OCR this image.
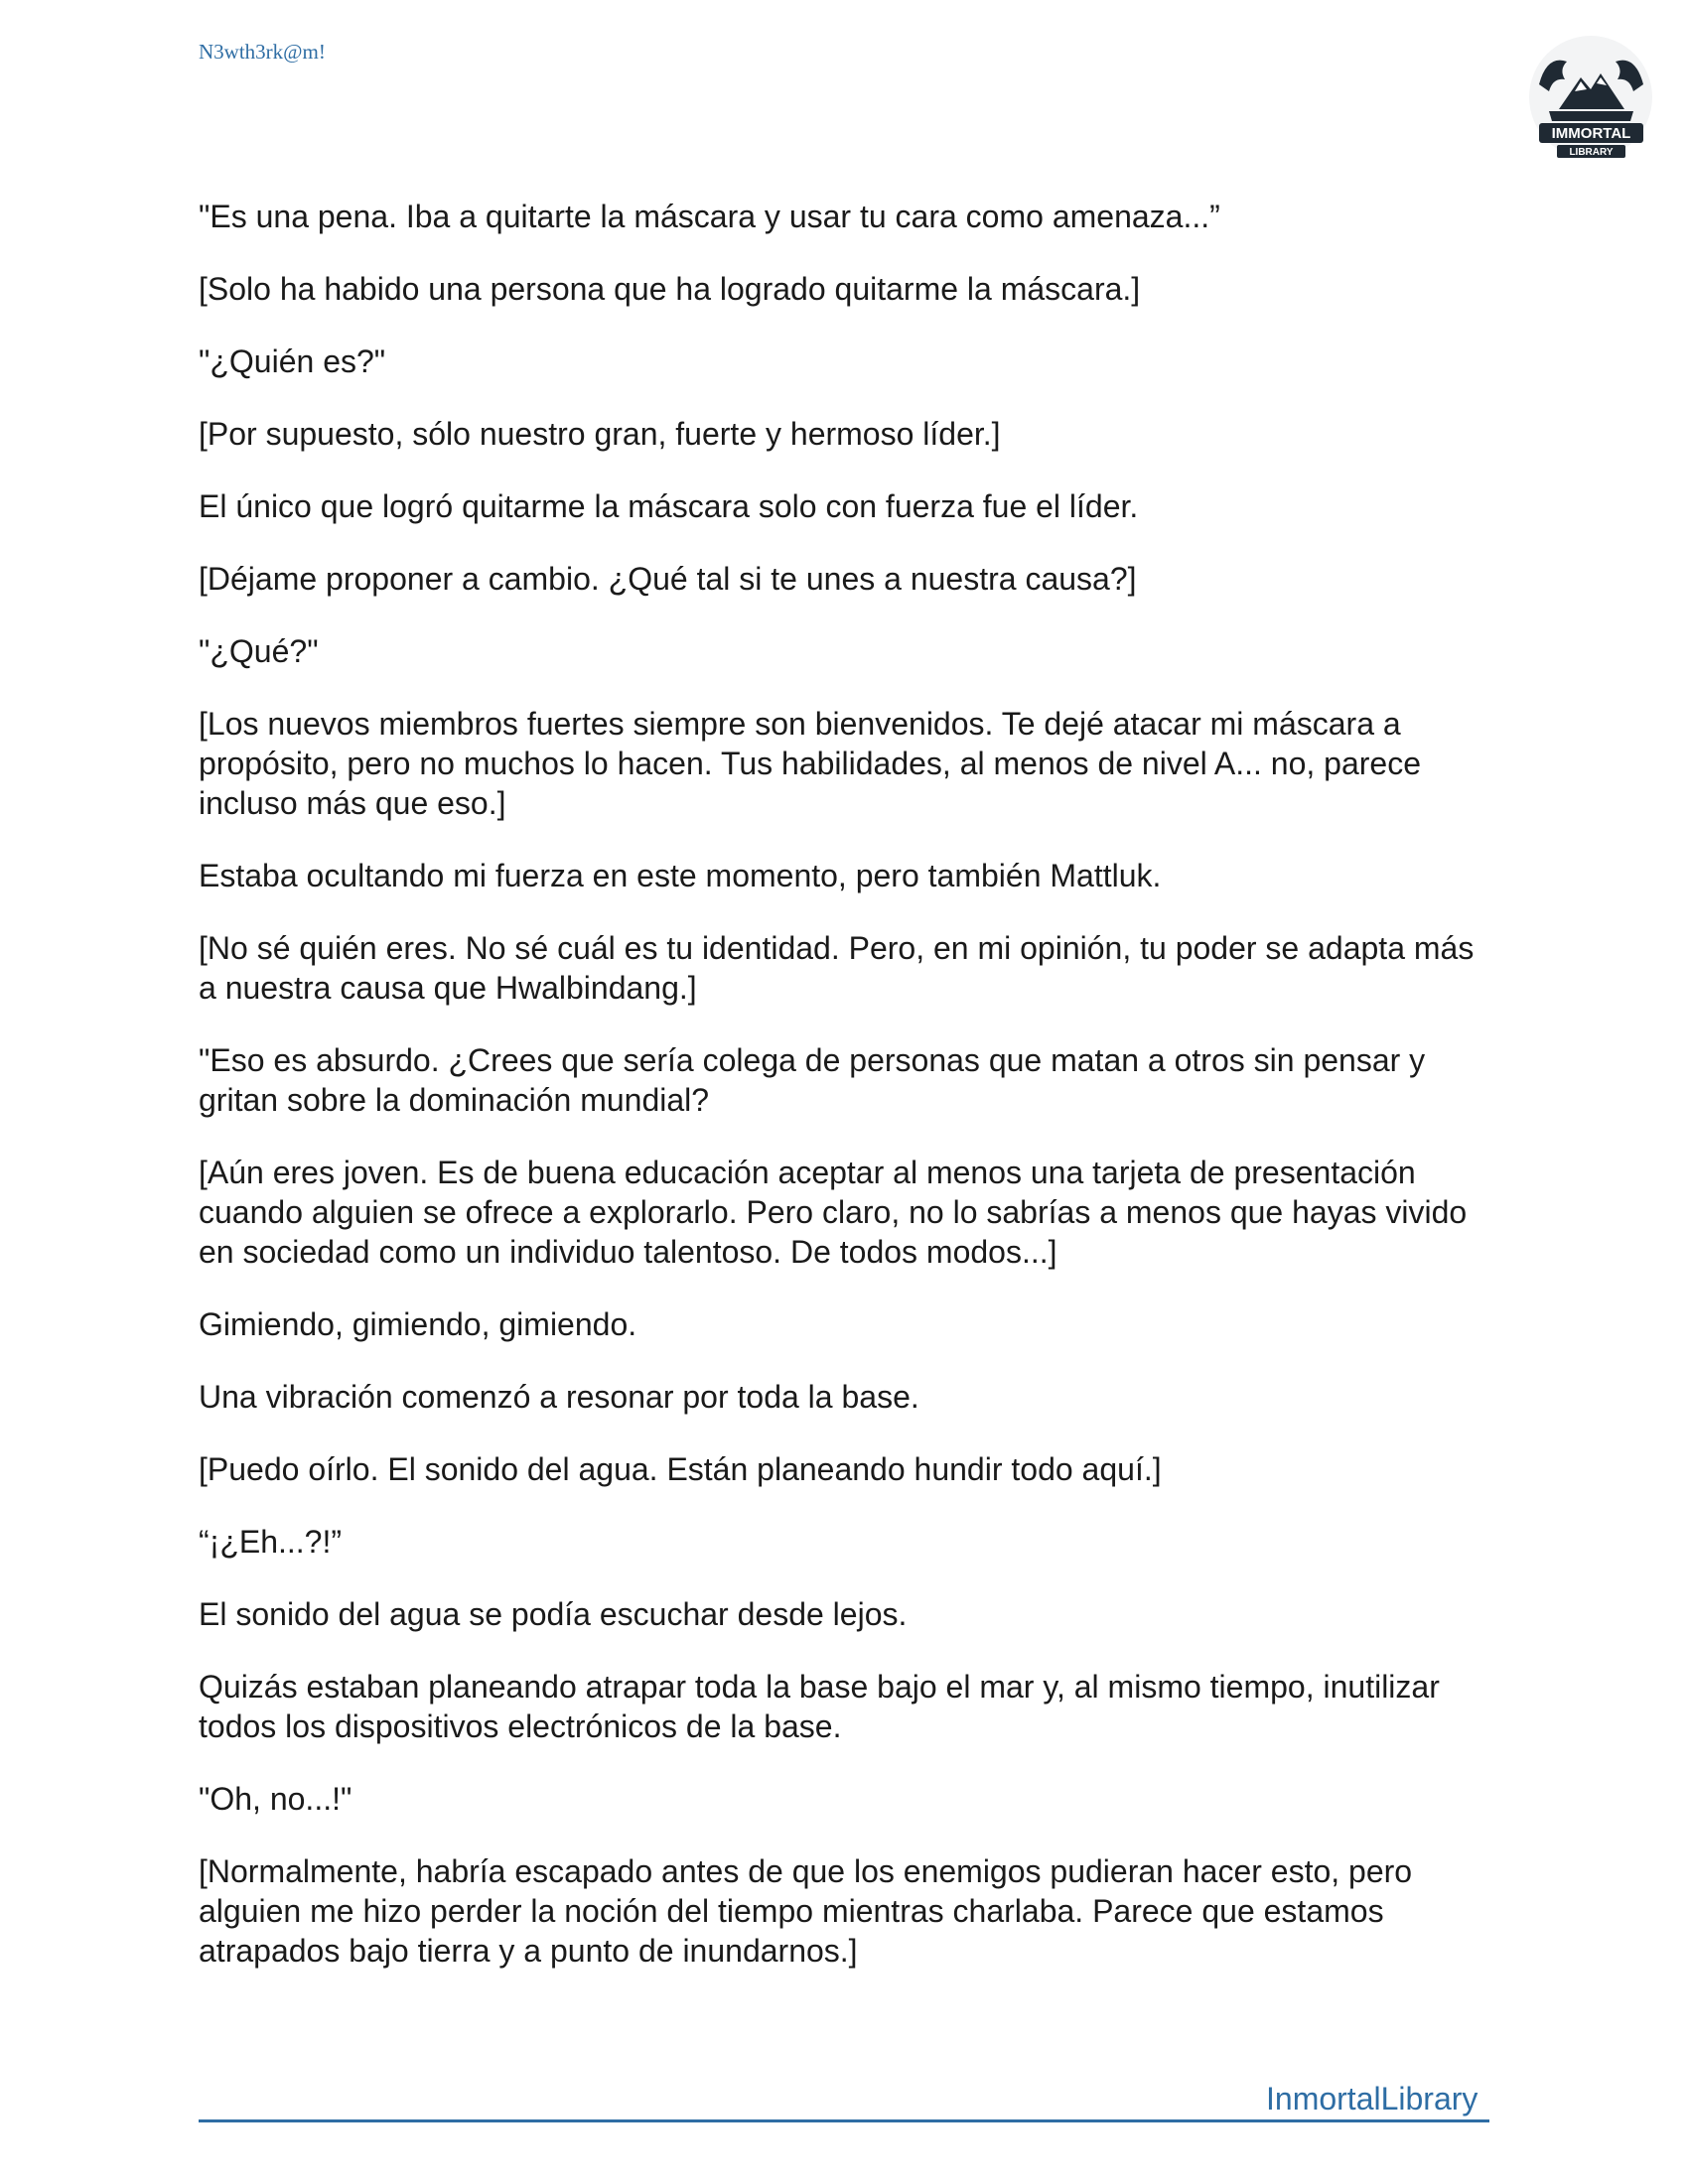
N3wth3rk@m!
IMMORTAL
LIBRARY

"Es una pena. Iba a quitarte la máscara y usar tu cara como amenaza...”

[Solo ha habido una persona que ha logrado quitarme la máscara.]

"¿Quién es?"

[Por supuesto, sólo nuestro gran, fuerte y hermoso líder.]

El único que logró quitarme la máscara solo con fuerza fue el líder.

[Déjame proponer a cambio. ¿Qué tal si te unes a nuestra causa?]

"¿Qué?"

[Los nuevos miembros fuertes siempre son bienvenidos. Te dejé atacar mi máscara a propósito, pero no muchos lo hacen. Tus habilidades, al menos de nivel A... no, parece incluso más que eso.]

Estaba ocultando mi fuerza en este momento, pero también Mattluk.

[No sé quién eres. No sé cuál es tu identidad. Pero, en mi opinión, tu poder se adapta más a nuestra causa que Hwalbindang.]

"Eso es absurdo. ¿Crees que sería colega de personas que matan a otros sin pensar y gritan sobre la dominación mundial?

[Aún eres joven. Es de buena educación aceptar al menos una tarjeta de presentación cuando alguien se ofrece a explorarlo. Pero claro, no lo sabrías a menos que hayas vivido en sociedad como un individuo talentoso. De todos modos...]

Gimiendo, gimiendo, gimiendo.

Una vibración comenzó a resonar por toda la base.

[Puedo oírlo. El sonido del agua. Están planeando hundir todo aquí.]

“¡¿Eh...?!”

El sonido del agua se podía escuchar desde lejos.

Quizás estaban planeando atrapar toda la base bajo el mar y, al mismo tiempo, inutilizar todos los dispositivos electrónicos de la base.

"Oh, no...!"

[Normalmente, habría escapado antes de que los enemigos pudieran hacer esto, pero alguien me hizo perder la noción del tiempo mientras charlaba. Parece que estamos atrapados bajo tierra y a punto de inundarnos.]

InmortalLibrary
